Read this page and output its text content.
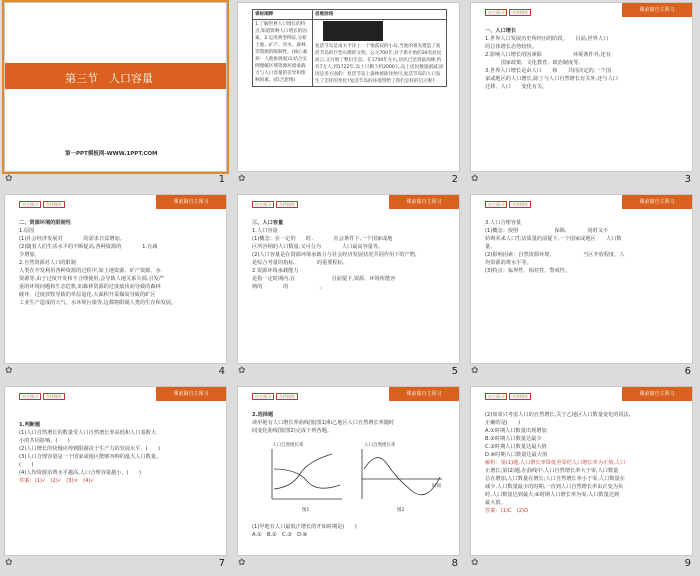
第三节　人口容量
第一PPT模板网-WWW.1PPT.COM
◦
✿	1
课标阐释	思维脉络

1.了解世界人口增长的特点,知道影响人口增长的因素。2.运用典型例证,分析土地、矿产、淡水、森林等资源的限制性。(核心素养：人地协调观)3.结合实例理解区域资源环境承载力与人口容量的差异和影响因素。(综合思维)	复活节岛是南太平洋上一个很孤寂的小岛,当地的祖先建造了复活节岛的巨型石像的文明。公元700年,对于新开始的30名居民而言,又开始了繁衍生息。在1700年左右,居民已达到最高峰,约有7万人,到1722年,岛上只剩下约2000人,岛上居民数量剧减,原因是多方面的：复活节岛上森林被砍伐殆尽,复活节岛的人口发生了怎样的变化?复活节岛的环境带给了我们怎样的启示呢?
✿	2
自主预习	合作探究	课前篇自主预习
一、人口增长
1.世界人口发展历史所经历的阶段。　　目前,世界人口
的总体增长态势较快。
2.影响人口增长的因素除　　　　　　环境条件外,还有
　　　国家政策、文化教育、政治制度等。
3.世界人口增长是由人口　　和　　共同决定的,一个国
家或地区的人口增长,除了与人口自然增长有关外,还与人口
迁移、人口　　变化有关。
✿	3
自主预习	合作探究	课前篇自主预习
二、资源环境的限制性
1.原因
(1)社会经济发展对　　　　的需求日益增加。
(2)随着人们生活水平的不断提高,各种资源的　　　　1.在减
少增加。
2.自然资源对人口的限制
人类在开发利用各种资源的过程中,如土地资源、矿产资源、水
资源等,由于过度开发和不合理使用,会导致人地关系失调,引发严
重的环境问题和生态危机,如森林资源的过度砍伐而导致的森林
破坏、过度放牧导致的草原退化,大面积开采煤炭导致的矿区
工业生产造成的大气、水环境污染等,这都将限制人类的生存和发展。
✿	4
自主预习	合作探究	课前篇自主预习
三、人口容量
1.人口容量
(1)概念：在一定的　　时,　　　　社会条件下,一个国家或地
区所容纳的人口数量,又可分为　　　　人口最高容量等。
(2)人口容量是在资源环境承载力与社会经济发展状况共同作用下的产物,
是综合考量的指标。　　　　的重要程标。
2.资源环境承载能力
是指一定时期内,在　　　　　　　引前提下,资源、环境所能容
纳的　　　　的　　　　　　。
✿	5
自主预习	合作探究	课前篇自主预习
3.人口合理容量
(1)概念：按照　　　　　　　保障,　　　　同时又不
妨碍未来人口生活质量的前提下,一个国家或地区　　人口数
量。
(2)影响因素：自然资源环境、　　　　　　当区开放程度、人
均资源消费水平等。
(3)特点：临界性、相对性、警戒性。
✿	6
自主预习	合作探究	课前篇自主预习
1.判断题
(1)人口自然增长的数量受人口自然增长率高低和人口基数大
小的共同影响。(　　)
(2)人口增长的快慢应得到限制决于生产力的发展水平。(　　)
(3)人口合理容量是一个国家或地区能够容纳的最大人口数量。
(　　)
(4)人均资源消费水平越高,人口合理容量越小。(　　)
答案：(1)√　(2)√　(3)×　(4)√
✿	7
自主预习	合作探究	课前篇自主预习
2.选择题
读甲地有人口增长率曲线图(图1)和乙地区人口自然增长率随时
间变化曲线图(图2)完成下列各题。
人口自然增长率	人口自然增长率
图1	图2
时间
(1)甲地有人口最低正增长的开始时期是(　　)
A.①　B.②　C.③　D.④
✿	8
自主预习	合作探究	课前篇自主预习
(2)如果只考虑人口的自然增长,关于乙地区人口数量变化的说法,
正确的是(　　)
A.①时期人口数量出现增加
B.②时期人口数量达最少
C.③时期人口数量达最大值
D.④时期人口数量达最大值
解析：第(1)题,人口增长率降低至零但人口增长率为正值,人口
正增长;第(2)题,在曲线中,人口自然增长率大于零,人口数量
总在增加,人口数量在增长;人口自然增长率小于零,人口数量在
减少,人口数量最少的时期,一直到人口自然增长率由正变为负
时,人口数量达到最大;④时期人口增长率为零,人口数量达到
最大值。
答案：(1)C　(2)D
✿	9
